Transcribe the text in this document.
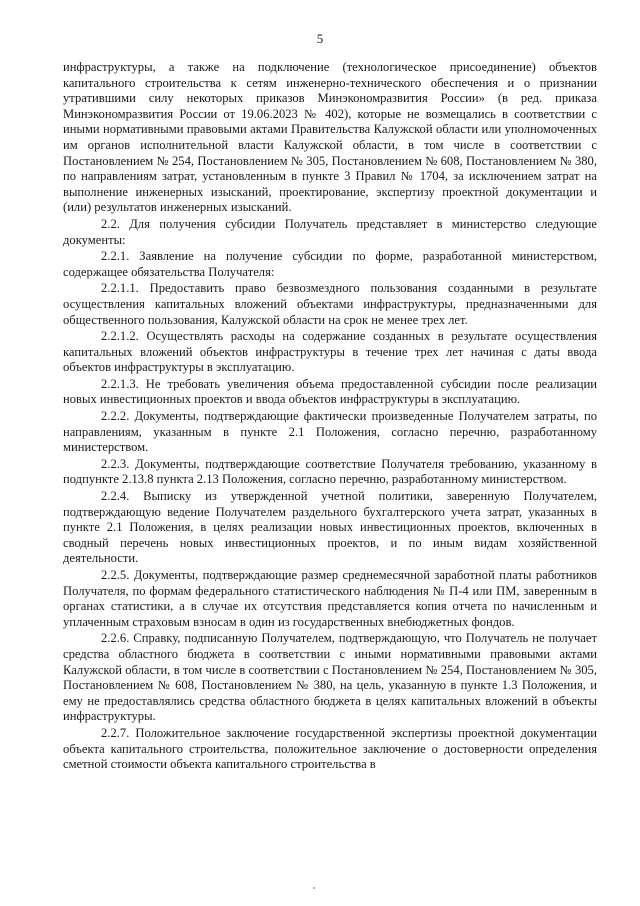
5

инфраструктуры, а также на подключение (технологическое присоединение) объектов капитального строительства к сетям инженерно-технического обеспечения и о признании утратившими силу некоторых приказов Минэкономразвития России» (в ред. приказа Минэкономразвития России от 19.06.2023 № 402), которые не возмещались в соответствии с иными нормативными правовыми актами Правительства Калужской области или уполномоченных им органов исполнительной власти Калужской области, в том числе в соответствии с Постановлением № 254, Постановлением № 305, Постановлением № 608, Постановлением № 380, по направлениям затрат, установленным в пункте 3 Правил № 1704, за исключением затрат на выполнение инженерных изысканий, проектирование, экспертизу проектной документации и (или) результатов инженерных изысканий.

2.2. Для получения субсидии Получатель представляет в министерство следующие документы:

2.2.1. Заявление на получение субсидии по форме, разработанной министерством, содержащее обязательства Получателя:

2.2.1.1. Предоставить право безвозмездного пользования созданными в результате осуществления капитальных вложений объектами инфраструктуры, предназначенными для общественного пользования, Калужской области на срок не менее трех лет.

2.2.1.2. Осуществлять расходы на содержание созданных в результате осуществления капитальных вложений объектов инфраструктуры в течение трех лет начиная с даты ввода объектов инфраструктуры в эксплуатацию.

2.2.1.3. Не требовать увеличения объема предоставленной субсидии после реализации новых инвестиционных проектов и ввода объектов инфраструктуры в эксплуатацию.

2.2.2. Документы, подтверждающие фактически произведенные Получателем затраты, по направлениям, указанным в пункте 2.1 Положения, согласно перечню, разработанному министерством.

2.2.3. Документы, подтверждающие соответствие Получателя требованию, указанному в подпункте 2.13.8 пункта 2.13 Положения, согласно перечню, разработанному министерством.

2.2.4. Выписку из утвержденной учетной политики, заверенную Получателем, подтверждающую ведение Получателем раздельного бухгалтерского учета затрат, указанных в пункте 2.1 Положения, в целях реализации новых инвестиционных проектов, включенных в сводный перечень новых инвестиционных проектов, и по иным видам хозяйственной деятельности.

2.2.5. Документы, подтверждающие размер среднемесячной заработной платы работников Получателя, по формам федерального статистического наблюдения № П-4 или ПМ, заверенным в органах статистики, а в случае их отсутствия представляется копия отчета по начисленным и уплаченным страховым взносам в один из государственных внебюджетных фондов.

2.2.6. Справку, подписанную Получателем, подтверждающую, что Получатель не получает средства областного бюджета в соответствии с иными нормативными правовыми актами Калужской области, в том числе в соответствии с Постановлением № 254, Постановлением № 305, Постановлением № 608, Постановлением № 380, на цель, указанную в пункте 1.3 Положения, и ему не предоставлялись средства областного бюджета в целях капитальных вложений в объекты инфраструктуры.

2.2.7. Положительное заключение государственной экспертизы проектной документации объекта капитального строительства, положительное заключение о достоверности определения сметной стоимости объекта капитального строительства в
